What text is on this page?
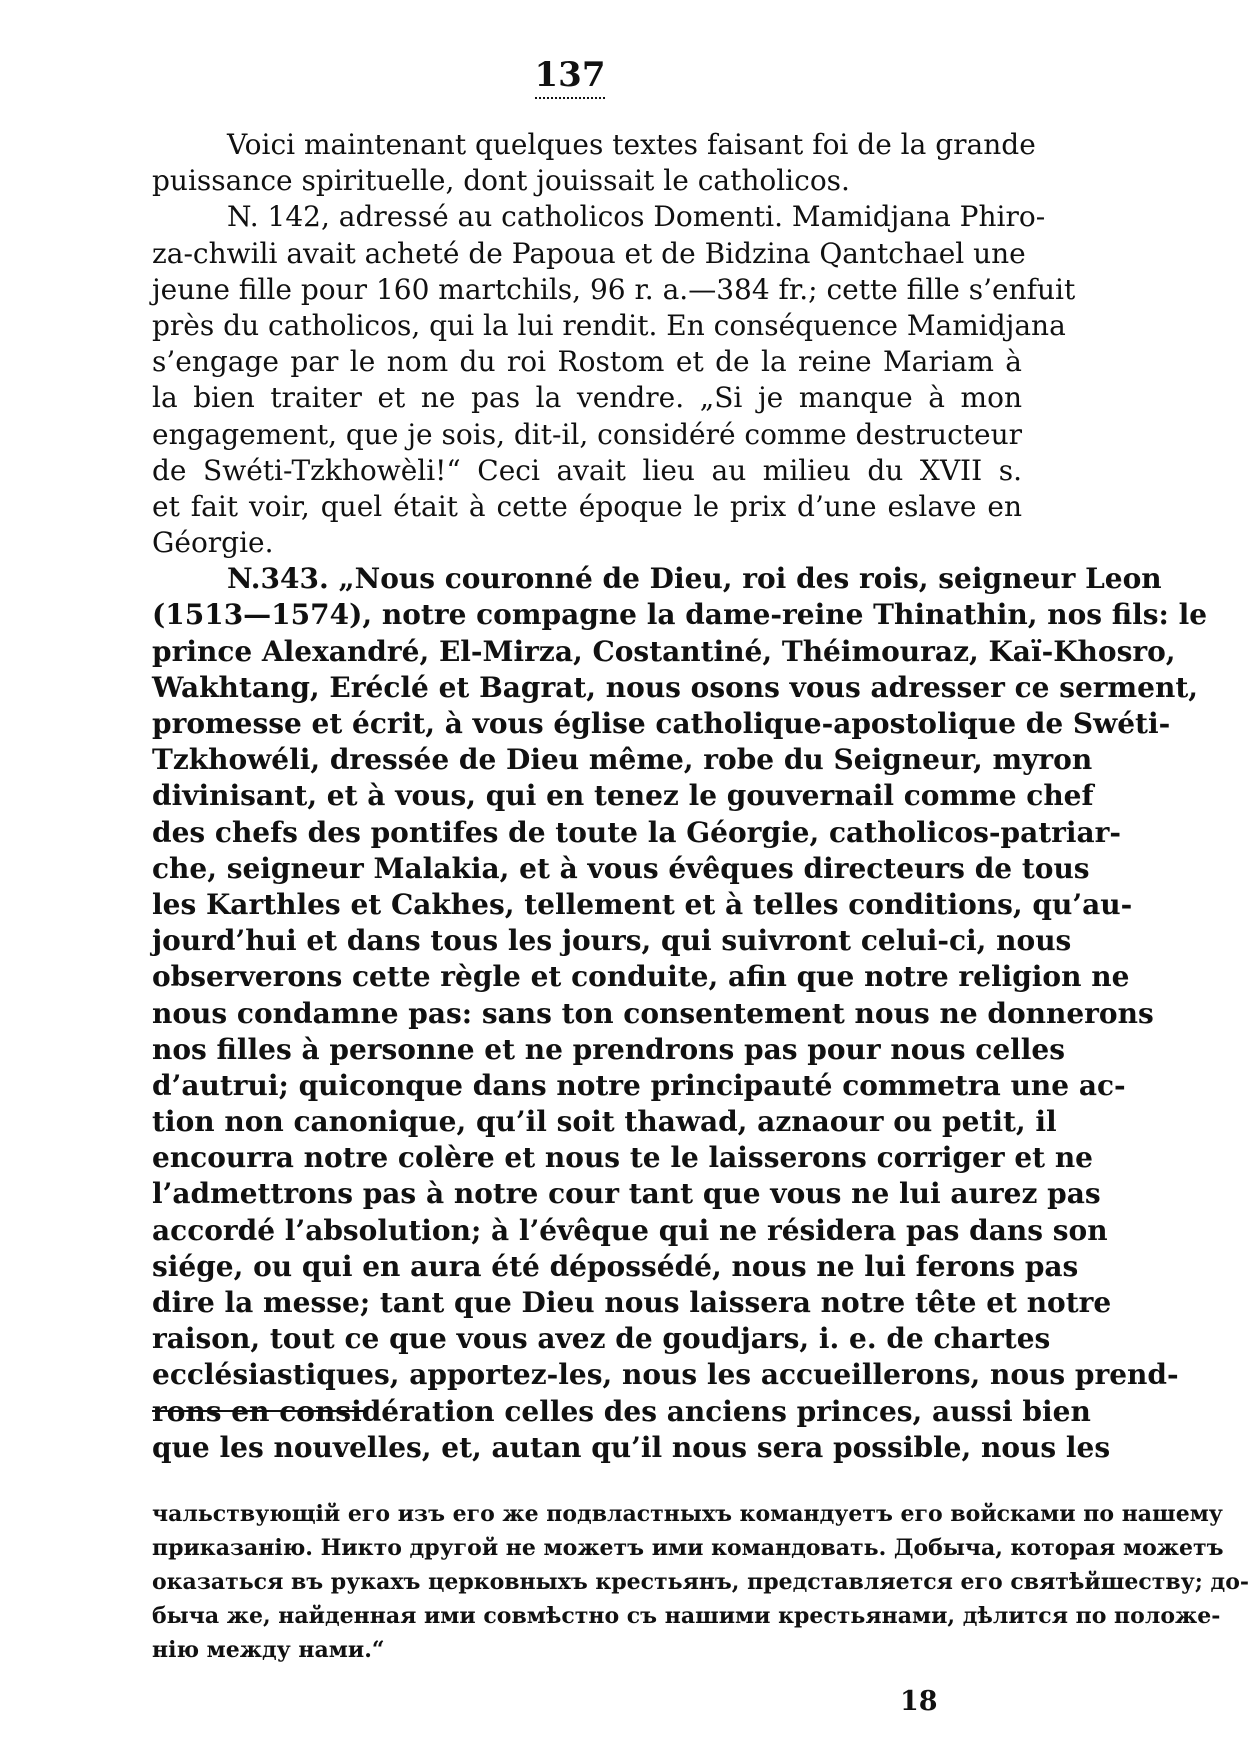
137
Voici maintenant quelques textes faisant foi de la grande
puissance spirituelle, dont jouissait le catholicos.
N. 142, adressé au catholicos Domenti. Mamidjana Phiro-
za-chwili avait acheté de Papoua et de Bidzina Qantchael une
jeune fille pour 160 martchils, 96 r. a.—384 fr.; cette fille s’enfuit
près du catholicos, qui la lui rendit. En conséquence Mamidjana
s’engage par le nom du roi Rostom et de la reine Mariam à
la bien traiter et ne pas la vendre. „Si je manque à mon
engagement, que je sois, dit-il, considéré comme destructeur
de Swéti-Tzkhowèli!“ Ceci avait lieu au milieu du XVII s.
et fait voir, quel était à cette époque le prix d’une eslave en
Géorgie.
N.343. „Nous couronné de Dieu, roi des rois, seigneur Leon
(1513—1574), notre compagne la dame-reine Thinathin, nos fils: le
prince Alexandré, El-Mirza, Costantiné, Théimouraz, Kaï-Khosro,
Wakhtang, Eréclé et Bagrat, nous osons vous adresser ce serment,
promesse et écrit, à vous église catholique-apostolique de Swéti-
Tzkhowéli, dressée de Dieu même, robe du Seigneur, myron
divinisant, et à vous, qui en tenez le gouvernail comme chef
des chefs des pontifes de toute la Géorgie, catholicos-patriar-
che, seigneur Malakia, et à vous évêques directeurs de tous
les Karthles et Cakhes, tellement et à telles conditions, qu’au-
jourd’hui et dans tous les jours, qui suivront celui-ci, nous
observerons cette règle et conduite, afin que notre religion ne
nous condamne pas: sans ton consentement nous ne donnerons
nos filles à personne et ne prendrons pas pour nous celles
d’autrui; quiconque dans notre principauté commetra une ac-
tion non canonique, qu’il soit thawad, aznaour ou petit, il
encourra notre colère et nous te le laisserons corriger et ne
l’admettrons pas à notre cour tant que vous ne lui aurez pas
accordé l’absolution; à l’évêque qui ne résidera pas dans son
siége, ou qui en aura été dépossédé, nous ne lui ferons pas
dire la messe; tant que Dieu nous laissera notre tête et notre
raison, tout ce que vous avez de goudjars, i. e. de chartes
ecclésiastiques, apportez-les, nous les accueillerons, nous prend-
rons en considération celles des anciens princes, aussi bien
que les nouvelles, et, autan qu’il nous sera possible, nous les
чальствующій его изъ его же подвластныхъ командуетъ его войсками по нашему
приказанію. Никто другой не можетъ ими командовать. Добыча, которая можетъ
оказаться въ рукахъ церковныхъ крестьянъ, представляется его святѣйшеству; до-
быча же, найденная ими совмѣстно съ нашими крестьянами, дѣлится по положе-
нію между нами.“
18
